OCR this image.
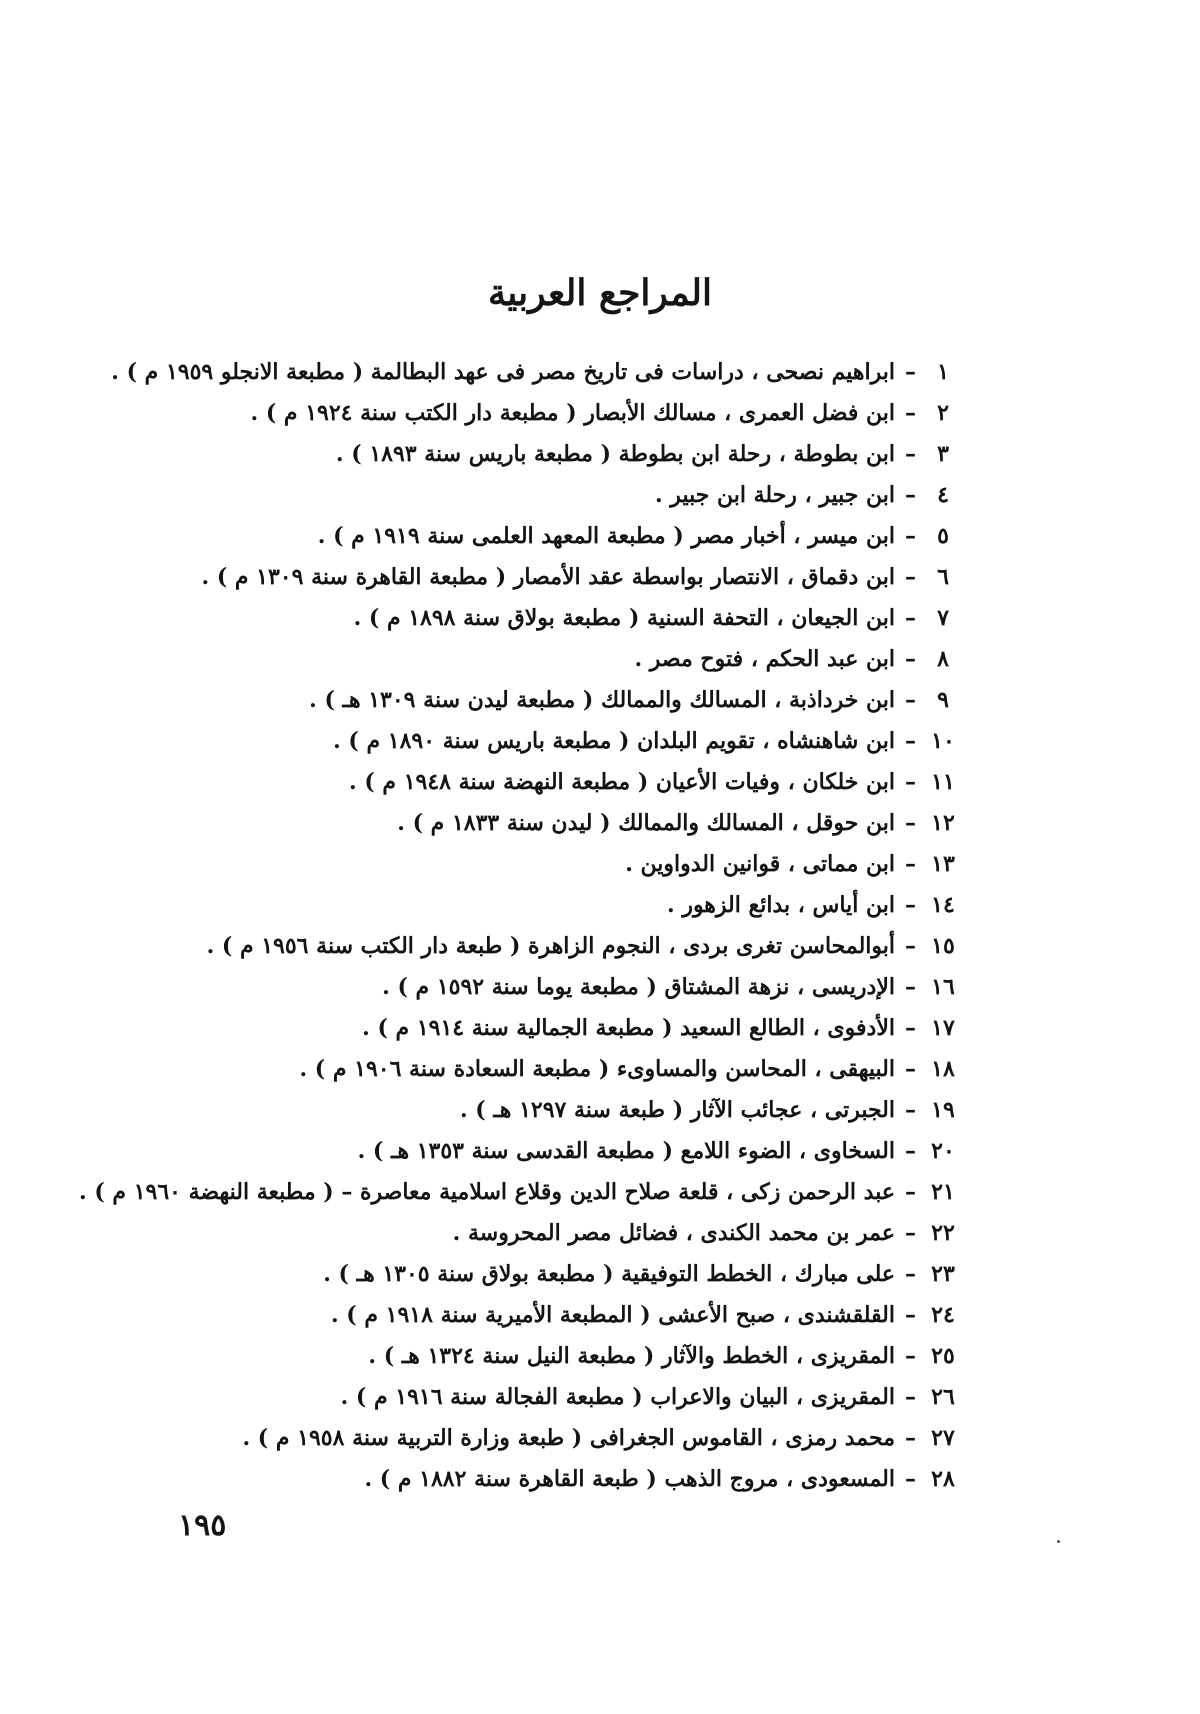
المراجع العربية
١
–
ابراهيم نصحى ، دراسات فى تاريخ مصر فى عهد البطالمة ( مطبعة الانجلو ١٩٥٩ م ) .
٢
–
ابن فضل العمرى ، مسالك الأبصار ( مطبعة دار الكتب سنة ١٩٢٤ م ) .
٣
–
ابن بطوطة ، رحلة ابن بطوطة ( مطبعة باريس سنة ١٨٩٣ ) .
٤
–
ابن جبير ، رحلة ابن جبير .
٥
–
ابن ميسر ، أخبار مصر ( مطبعة المعهد العلمى سنة ١٩١٩ م ) .
٦
–
ابن دقماق ، الانتصار بواسطة عقد الأمصار ( مطبعة القاهرة سنة ١٣٠٩ م ) .
٧
–
ابن الجيعان ، التحفة السنية ( مطبعة بولاق سنة ١٨٩٨ م ) .
٨
–
ابن عبد الحكم ، فتوح مصر .
٩
–
ابن خرداذبة ، المسالك والممالك ( مطبعة ليدن سنة ١٣٠٩ هـ ) .
١٠
–
ابن شاهنشاه ، تقويم البلدان ( مطبعة باريس سنة ١٨٩٠ م ) .
١١
–
ابن خلكان ، وفيات الأعيان ( مطبعة النهضة سنة ١٩٤٨ م ) .
١٢
–
ابن حوقل ، المسالك والممالك ( ليدن سنة ١٨٣٣ م ) .
١٣
–
ابن مماتى ، قوانين الدواوين .
١٤
–
ابن أياس ، بدائع الزهور .
١٥
–
أبوالمحاسن تغرى بردى ، النجوم الزاهرة ( طبعة دار الكتب سنة ١٩٥٦ م ) .
١٦
–
الإدريسى ، نزهة المشتاق ( مطبعة يوما سنة ١٥٩٢ م ) .
١٧
–
الأدفوى ، الطالع السعيد ( مطبعة الجمالية سنة ١٩١٤ م ) .
١٨
–
البيهقى ، المحاسن والمساوىء ( مطبعة السعادة سنة ١٩٠٦ م ) .
١٩
–
الجبرتى ، عجائب الآثار ( طبعة سنة ١٢٩٧ هـ ) .
٢٠
–
السخاوى ، الضوء اللامع ( مطبعة القدسى سنة ١٣٥٣ هـ ) .
٢١
–
عبد الرحمن زكى ، قلعة صلاح الدين وقلاع اسلامية معاصرة – ( مطبعة النهضة ١٩٦٠ م ) .
٢٢
–
عمر بن محمد الكندى ، فضائل مصر المحروسة .
٢٣
–
على مبارك ، الخطط التوفيقية ( مطبعة بولاق سنة ١٣٠٥ هـ ) .
٢٤
–
القلقشندى ، صبح الأعشى ( المطبعة الأميرية سنة ١٩١٨ م ) .
٢٥
–
المقريزى ، الخطط والآثار ( مطبعة النيل سنة ١٣٢٤ هـ ) .
٢٦
–
المقريزى ، البيان والاعراب ( مطبعة الفجالة سنة ١٩١٦ م ) .
٢٧
–
محمد رمزى ، القاموس الجغرافى ( طبعة وزارة التربية سنة ١٩٥٨ م ) .
٢٨
–
المسعودى ، مروج الذهب ( طبعة القاهرة سنة ١٨٨٢ م ) .
١٩٥
